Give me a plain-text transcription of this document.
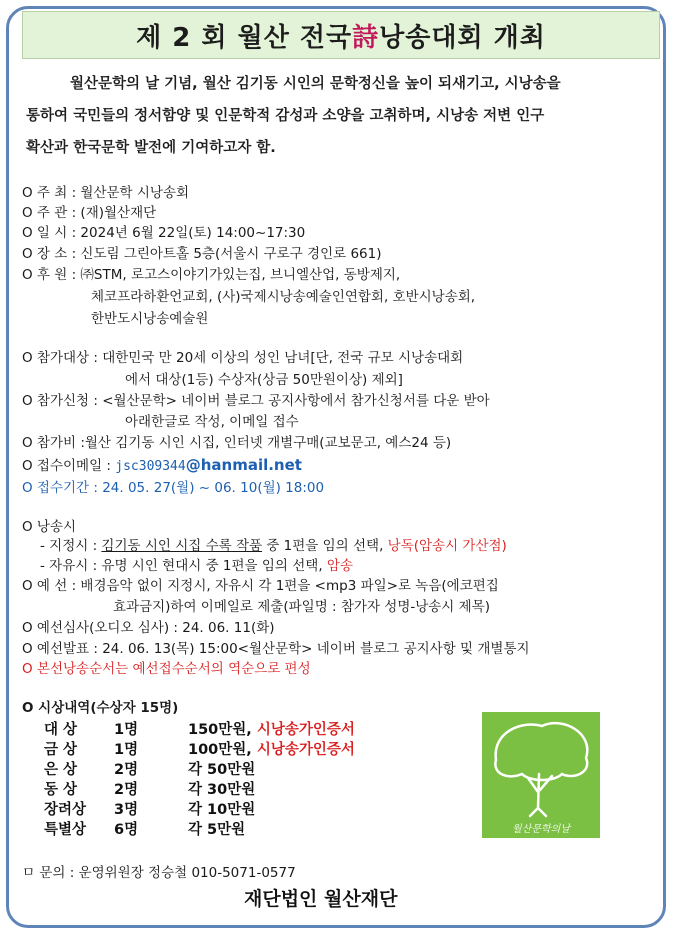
제 2 회 월산 전국 詩 낭송대회 개최
월산문학의 날 기념, 월산 김기동 시인의 문학정신을 높이 되새기고, 시낭송을
통하여 국민들의 정서함양 및 인문학적 감성과 소양을 고취하며, 시낭송 저변 인구
확산과 한국문학 발전에 기여하고자 함.
O 주 최 : 월산문학 시낭송회
O 주 관 : (재)월산재단
O 일 시 : 2024년 6월 22일(토) 14:00~17:30
O 장 소 : 신도림 그린아트홀 5층(서울시 구로구 경인로 661)
O 후 원 : ㈜STM, 로고스이야기가있는집, 브니엘산업, 동방제지,
체코프라하환언교회, (사)국제시낭송예술인연합회, 호반시낭송회,
한반도시낭송예술원
O 참가대상 : 대한민국 만 20세 이상의 성인 남녀[단, 전국 규모 시낭송대회
에서 대상(1등) 수상자(상금 50만원이상) 제외]
O 참가신청 : <월산문학> 네이버 블로그 공지사항에서 참가신청서를 다운 받아
아래한글로 작성, 이메일 접수
O 참가비 :월산 김기동 시인 시집, 인터넷 개별구매(교보문고, 예스24 등)
O 접수이메일 : jsc309344@hanmail.net
O 접수기간 : 24. 05. 27(월) ~ 06. 10(월) 18:00
O 낭송시
- 지정시 : 김기동 시인 시집 수록 작품 중 1편을 임의 선택, 낭독(암송시 가산점)
- 자유시 : 유명 시인 현대시 중 1편을 임의 선택, 암송
O 예 선 : 배경음악 없이 지정시, 자유시 각 1편을 <mp3 파일>로 녹음(에코편집
효과금지)하여 이메일로 제출(파일명 : 참가자 성명-낭송시 제목)
O 예선심사(오디오 심사) : 24. 06. 11(화)
O 예선발표 : 24. 06. 13(목) 15:00<월산문학> 네이버 블로그 공지사항 및 개별통지
O 본선낭송순서는 예선접수순서의 역순으로 편성
O 시상내역(수상자 15명)
대 상	1명	150만원, 시낭송가인증서
금 상	1명	100만원, 시낭송가인증서
은 상	2명	각 50만원
동 상	2명	각 30만원
장려상 3명	각 10만원
특별상 6명	각 5만원	월산문학의날
ㅁ 문의 : 운영위원장 정승철 010-5071-0577
재단법인 월산재단
